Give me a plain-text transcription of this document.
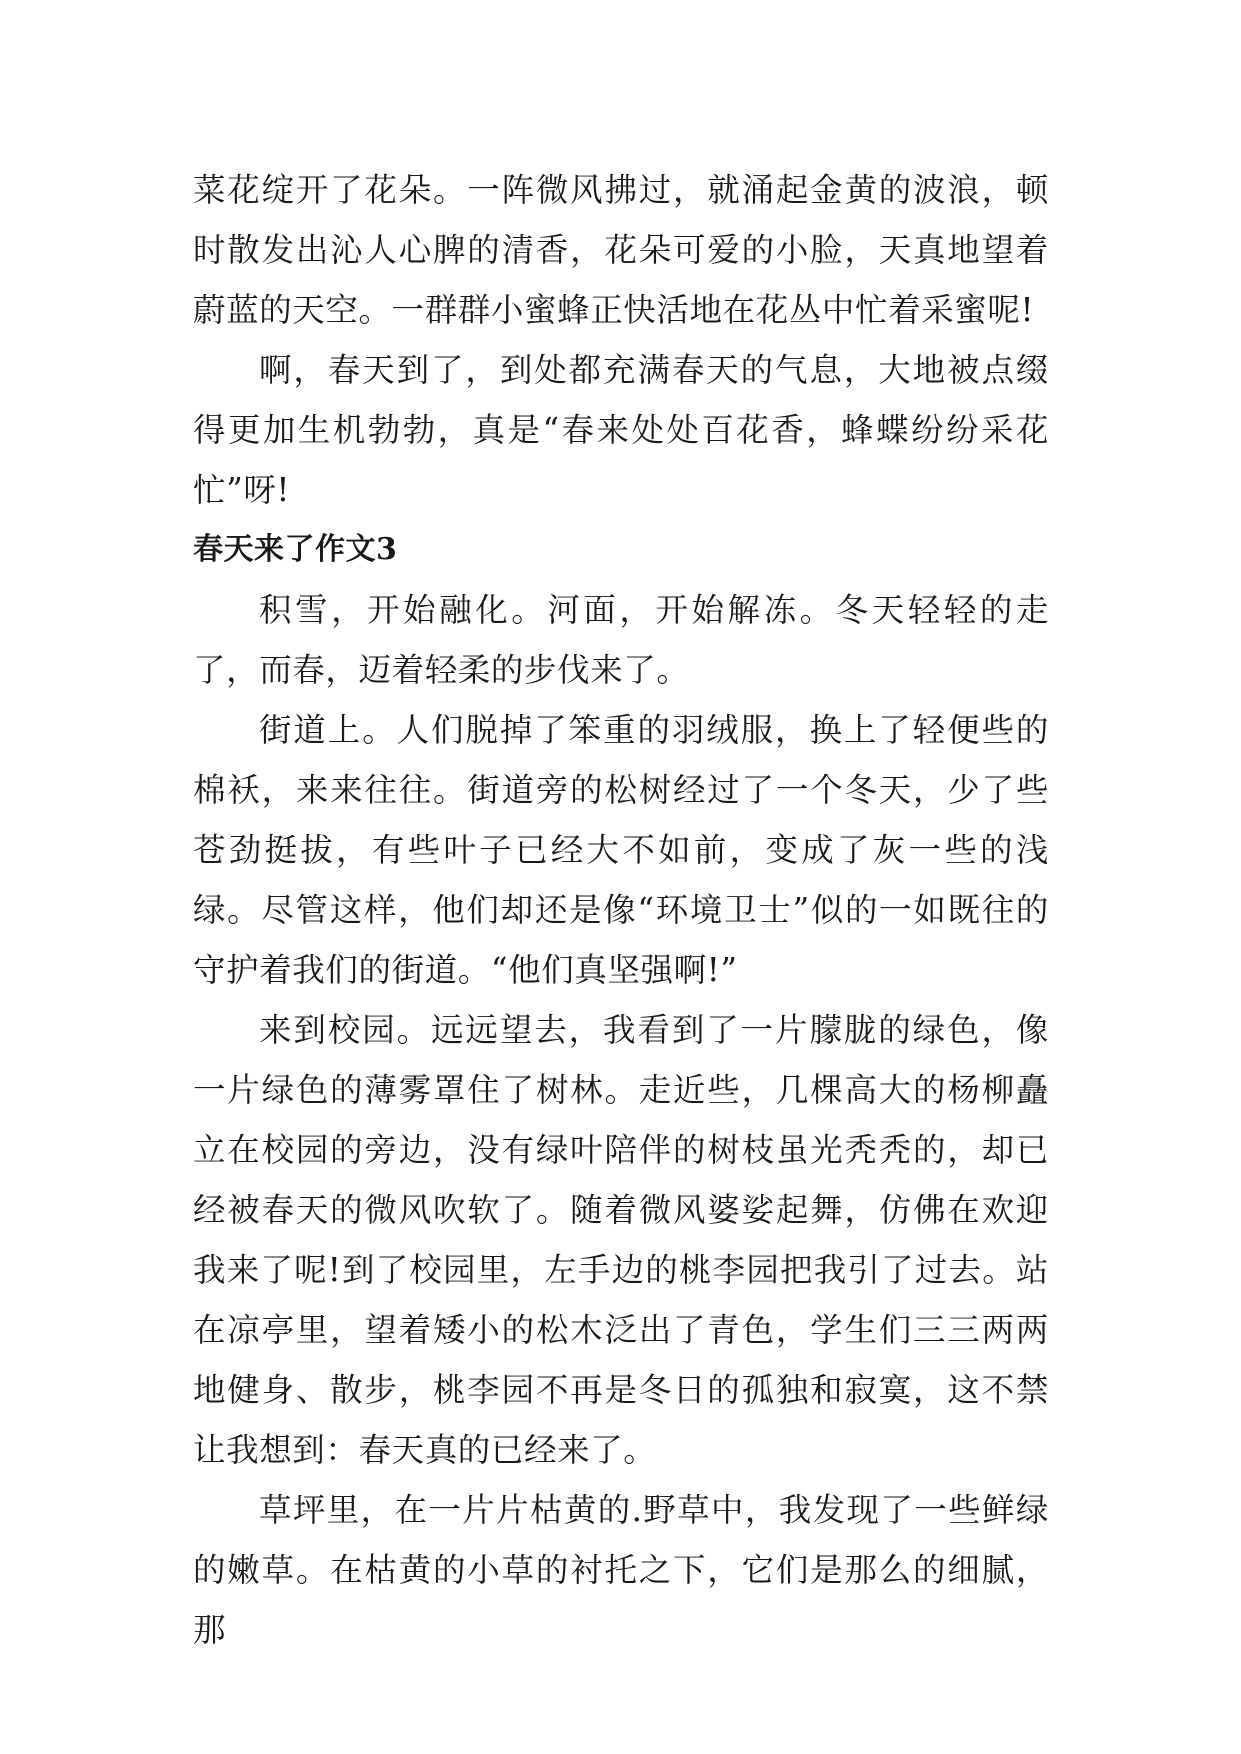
菜花绽开了花朵。一阵微风拂过，就涌起金黄的波浪，顿时散发出沁人心脾的清香，花朵可爱的小脸，天真地望着蔚蓝的天空。一群群小蜜蜂正快活地在花丛中忙着采蜜呢!

啊，春天到了，到处都充满春天的气息，大地被点缀得更加生机勃勃，真是“春来处处百花香，蜂蝶纷纷采花忙”呀!

春天来了作文3

积雪，开始融化。河面，开始解冻。冬天轻轻的走了，而春，迈着轻柔的步伐来了。

街道上。人们脱掉了笨重的羽绒服，换上了轻便些的棉袄，来来往往。街道旁的松树经过了一个冬天，少了些苍劲挺拔，有些叶子已经大不如前，变成了灰一些的浅绿。尽管这样，他们却还是像“环境卫士”似的一如既往的守护着我们的街道。“他们真坚强啊!”

来到校园。远远望去，我看到了一片朦胧的绿色，像一片绿色的薄雾罩住了树林。走近些，几棵高大的杨柳矗立在校园的旁边，没有绿叶陪伴的树枝虽光秃秃的，却已经被春天的微风吹软了。随着微风婆娑起舞，仿佛在欢迎我来了呢!到了校园里，左手边的桃李园把我引了过去。站在凉亭里，望着矮小的松木泛出了青色，学生们三三两两地健身、散步，桃李园不再是冬日的孤独和寂寞，这不禁让我想到：春天真的已经来了。

草坪里，在一片片枯黄的.野草中，我发现了一些鲜绿的嫩草。在枯黄的小草的衬托之下，它们是那么的细腻，那
